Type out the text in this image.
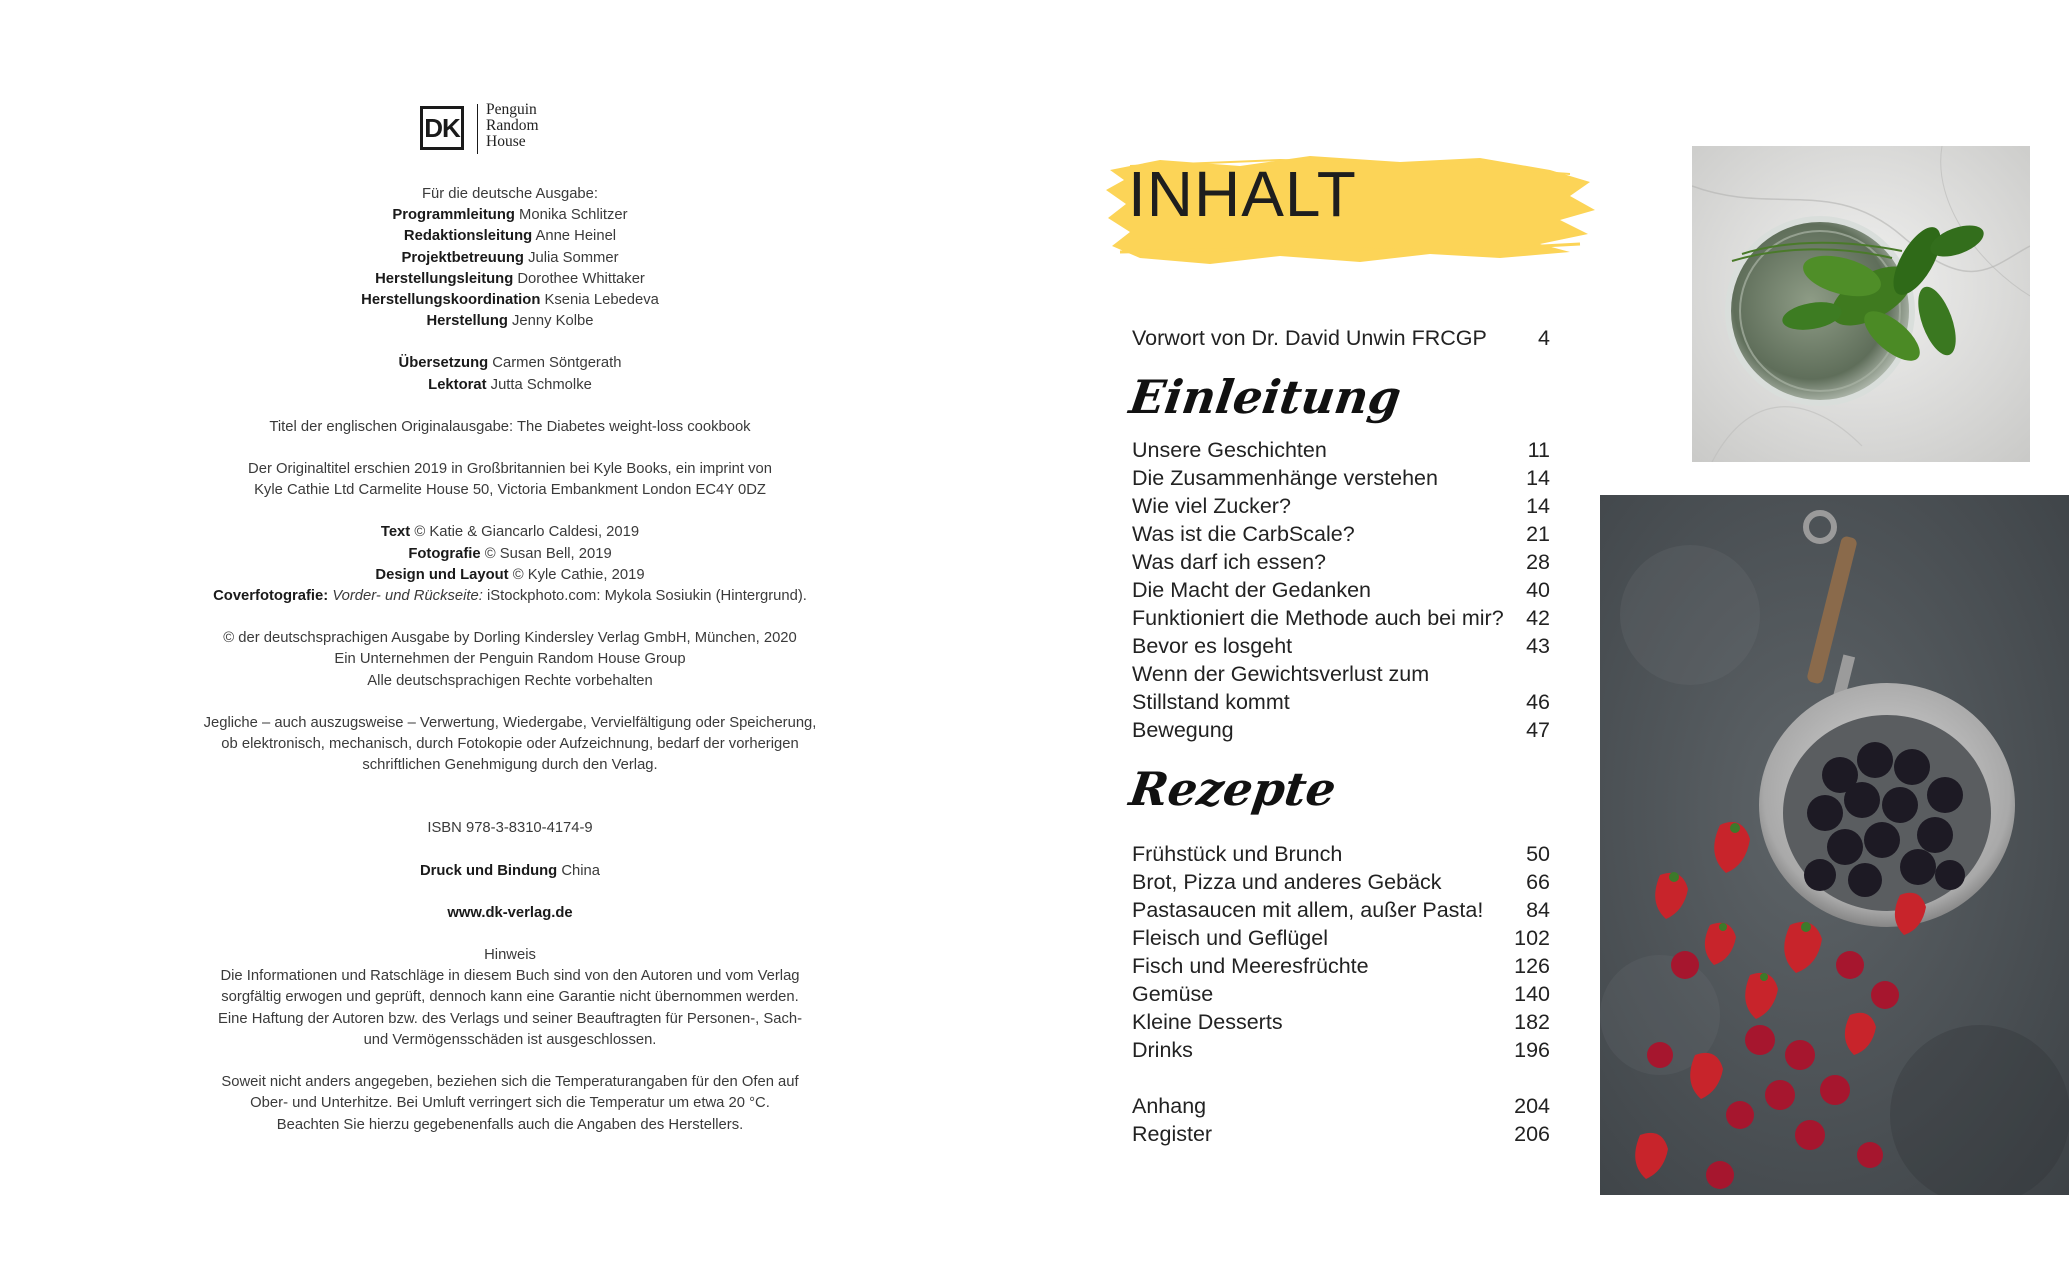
DK
Penguin
Random
House

Für die deutsche Ausgabe:

Programmleitung Monika Schlitzer

Redaktionsleitung Anne Heinel

Projektbetreuung Julia Sommer

Herstellungsleitung Dorothee Whittaker

Herstellungskoordination Ksenia Lebedeva

Herstellung Jenny Kolbe

Übersetzung Carmen Söntgerath

Lektorat Jutta Schmolke

Titel der englischen Originalausgabe: The Diabetes weight-loss cookbook

Der Originaltitel erschien 2019 in Großbritannien bei Kyle Books, ein imprint von

Kyle Cathie Ltd Carmelite House 50, Victoria Embankment London EC4Y 0DZ

Text © Katie & Giancarlo Caldesi, 2019

Fotografie © Susan Bell, 2019

Design und Layout © Kyle Cathie, 2019

Coverfotografie: Vorder- und Rückseite: iStockphoto.com: Mykola Sosiukin (Hintergrund).

© der deutschsprachigen Ausgabe by Dorling Kindersley Verlag GmbH, München, 2020

Ein Unternehmen der Penguin Random House Group

Alle deutschsprachigen Rechte vorbehalten

Jegliche – auch auszugsweise – Verwertung, Wiedergabe, Vervielfältigung oder Speicherung,

ob elektronisch, mechanisch, durch Fotokopie oder Aufzeichnung, bedarf der vorherigen

schriftlichen Genehmigung durch den Verlag.

ISBN 978-3-8310-4174-9

Druck und Bindung China

www.dk-verlag.de

Hinweis

Die Informationen und Ratschläge in diesem Buch sind von den Autoren und vom Verlag

sorgfältig erwogen und geprüft, dennoch kann eine Garantie nicht übernommen werden.

Eine Haftung der Autoren bzw. des Verlags und seiner Beauftragten für Personen-, Sach-

und Vermögensschäden ist ausgeschlossen.

Soweit nicht anders angegeben, beziehen sich die Temperaturangaben für den Ofen auf

Ober- und Unterhitze. Bei Umluft verringert sich die Temperatur um etwa 20 °C.

Beachten Sie hierzu gegebenenfalls auch die Angaben des Herstellers.

INHALT
Vorwort von Dr. David Unwin FRCGP 4
Einleitung
Unsere Geschichten	11
Die Zusammenhänge verstehen	14
Wie viel Zucker?	14
Was ist die CarbScale?	21
Was darf ich essen?	28
Die Macht der Gedanken	40
Funktioniert die Methode auch bei mir? 42
Bevor es losgeht	43
Wenn der Gewichtsverlust zum
Stillstand kommt	46
Bewegung	47
Rezepte
Frühstück und Brunch	50
Brot, Pizza und anderes Gebäck	66
Pastasaucen mit allem, außer Pasta! 84
Fleisch und Geflügel	102
Fisch und Meeresfrüchte	126
Gemüse	140
Kleine Desserts	182
Drinks	196
Anhang	204
Register	206
